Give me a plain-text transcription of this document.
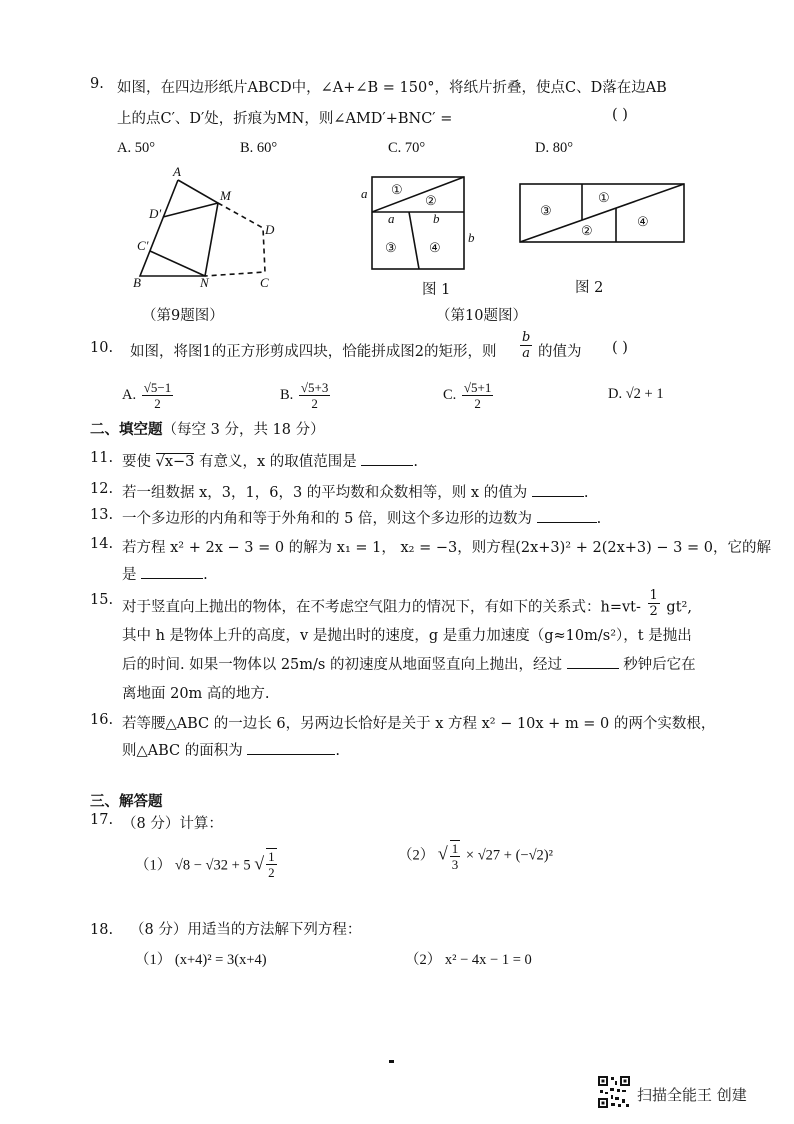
9. 如图，在四边形纸片ABCD中，∠A+∠B = 150°，将纸片折叠，使点C、D落在边AB
上的点C′、D′处，折痕为MN，则∠AMD′+BNC′ =	( )
A. 50°	B. 60°	C. 70°	D. 80°
A
B	C
D
M
N
C′
D′
（第9题图）
①
②
③ ④
a
a	b
b
图 1
③
①
②
④
图 2
（第10题图）
10. 如图，将图1的正方形剪成四块，恰能拼成图2的矩形，则 $\frac{b}{a}$ 的值为 ( )
A. $\frac{√5-1}{2}$	B. $\frac{√5+3}{2}$	C. $\frac{√5+1}{2}$	D. √2 + 1
二、填空题（每空 3 分，共 18 分）
11. 要使 √x−3 有意义，x 的取值范围是	.
12. 若一组数据 x，3，1，6，3 的平均数和众数相等，则 x 的值为	.
13. 一个多边形的内角和等于外角和的 5 倍，则这个多边形的边数为	.
14. 若方程 x² + 2x − 3 = 0 的解为 x₁ = 1， x₂ = −3，则方程(2x+3)² + 2(2x+3) − 3 = 0，它的解
是	.
15. 对于竖直向上抛出的物体，在不考虑空气阻力的情况下，有如下的关系式：$h=vt- \frac{1}{2} gt^2$,
其中 h 是物体上升的高度，v 是抛出时的速度，g 是重力加速度（g≈10m/s²），t 是抛出
后的时间. 如果一物体以 25m/s 的初速度从地面竖直向上抛出，经过	秒钟后它在
离地面 20m 高的地方.
16. 若等腰△ABC 的一边长 6，另两边长恰好是关于 x 方程 x² − 10x + m = 0 的两个实数根，
则△ABC 的面积为	.
三、解答题
17. （8 分）计算：
（1） √8 − √32 + 5 √ $\frac{1}{2}$	（2） √ $\frac{1}{3} \times √27 + (-√2)^2$
18. （8 分）用适当的方法解下列方程：
（1） (x+4)² = 3(x+4)	（2） x² − 4x − 1 = 0
扫描全能王 创建
